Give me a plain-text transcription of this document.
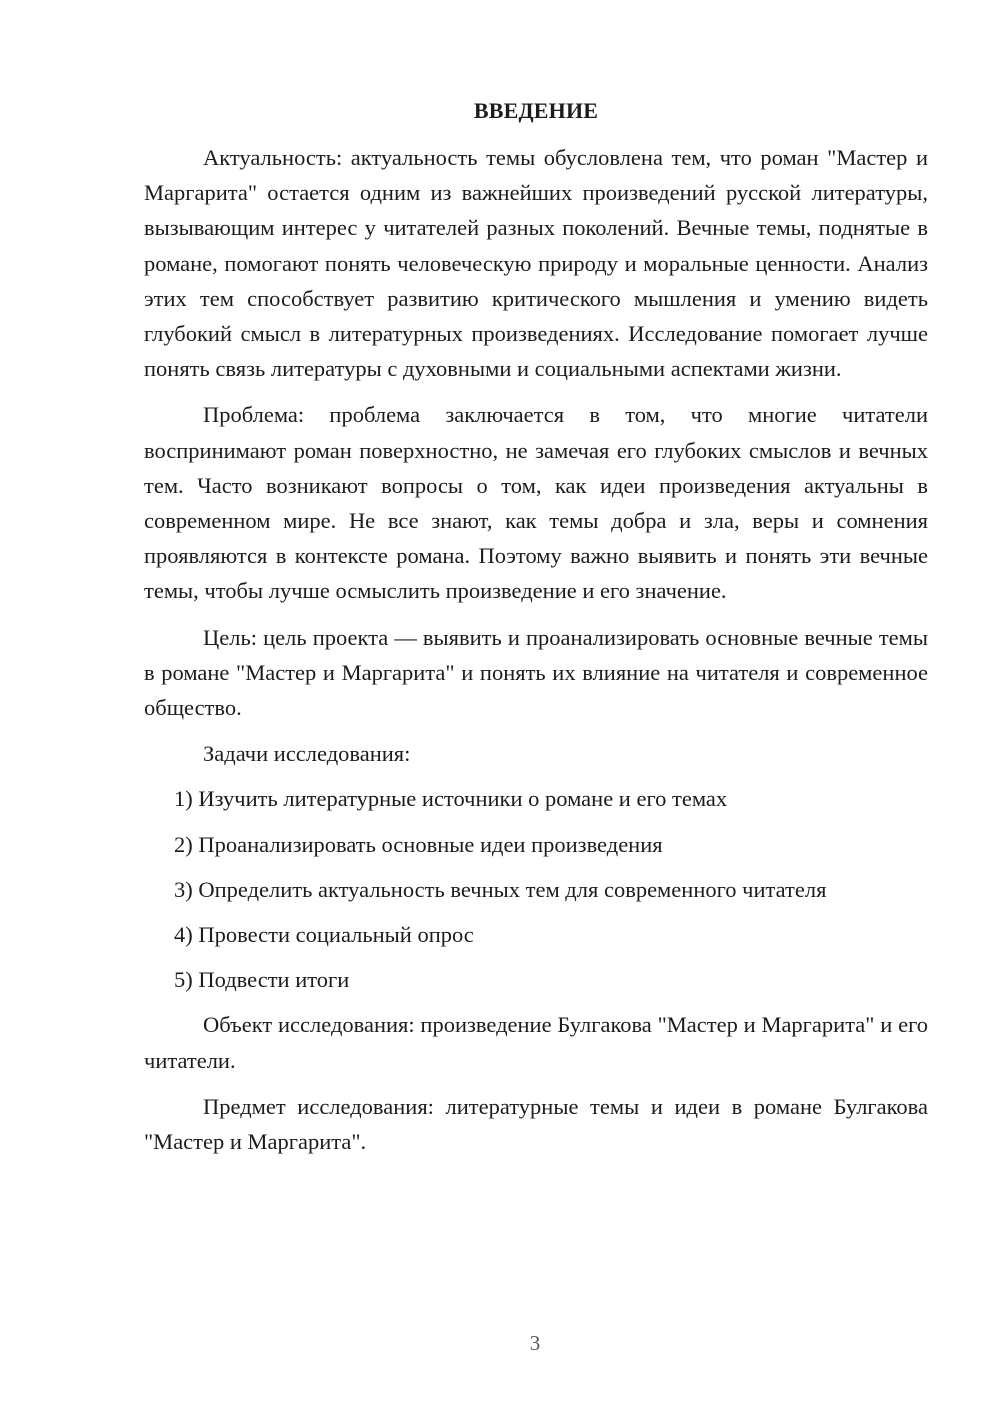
ВВЕДЕНИЕ

Актуальность: актуальность темы обусловлена тем, что роман "Мастер и Маргарита" остается одним из важнейших произведений русской литературы, вызывающим интерес у читателей разных поколений. Вечные темы, поднятые в романе, помогают понять человеческую природу и моральные ценности. Анализ этих тем способствует развитию критического мышления и умению видеть глубокий смысл в литературных произведениях. Исследование помогает лучше понять связь литературы с духовными и социальными аспектами жизни.

Проблема: проблема заключается в том, что многие читатели воспринимают роман поверхностно, не замечая его глубоких смыслов и вечных тем. Часто возникают вопросы о том, как идеи произведения актуальны в современном мире. Не все знают, как темы добра и зла, веры и сомнения проявляются в контексте романа. Поэтому важно выявить и понять эти вечные темы, чтобы лучше осмыслить произведение и его значение.

Цель: цель проекта — выявить и проанализировать основные вечные темы в романе "Мастер и Маргарита" и понять их влияние на читателя и современное общество.

Задачи исследования:
1) Изучить литературные источники о романе и его темах
2) Проанализировать основные идеи произведения
3) Определить актуальность вечных тем для современного читателя
4) Провести социальный опрос
5) Подвести итоги

Объект исследования: произведение Булгакова "Мастер и Маргарита" и его читатели.

Предмет исследования: литературные темы и идеи в романе Булгакова "Мастер и Маргарита".

3
